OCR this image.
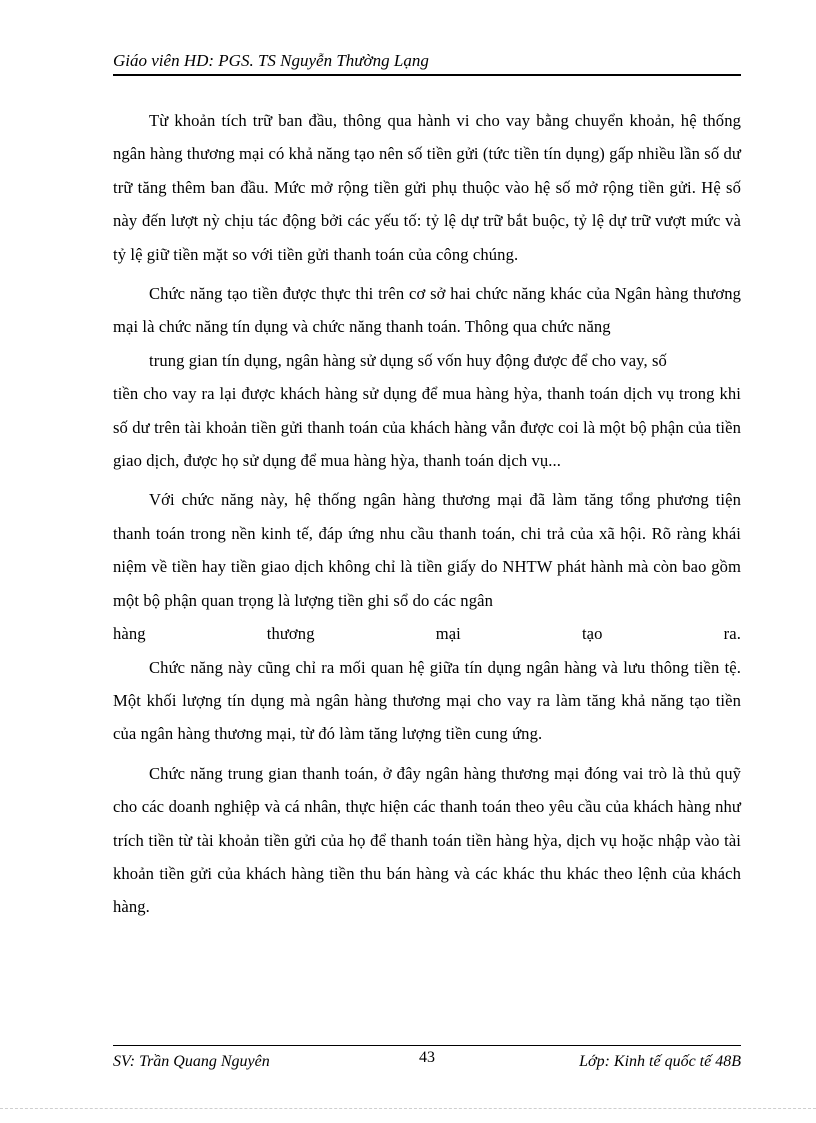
Giáo viên HD: PGS. TS Nguyễn Thường Lạng

Từ khoản tích trữ ban đầu, thông qua hành vi cho vay bằng chuyển khoản, hệ thống ngân hàng thương mại có khả năng tạo nên số tiền gửi (tức tiền tín dụng) gấp nhiều lần số dư trữ tăng thêm ban đầu. Mức mở rộng tiền gửi phụ thuộc vào hệ số mở rộng tiền gửi. Hệ số này đến lượt nỳ chịu tác động bởi các yếu tố: tỷ lệ dự trữ bắt buộc, tỷ lệ dự trữ vượt mức và tỷ lệ giữ tiền mặt so với tiền gửi thanh toán của công chúng.

Chức năng tạo tiền được thực thi trên cơ sở hai chức năng khác của Ngân hàng thương mại là chức năng tín dụng và chức năng thanh toán. Thông qua chức năng

trung gian tín dụng, ngân hàng sử dụng số vốn huy động được để cho vay, số
tiền cho vay ra lại được khách hàng sử dụng để mua hàng hỳa, thanh toán dịch vụ trong khi số dư trên tài khoản tiền gửi thanh toán của khách hàng vẫn được coi là một bộ phận của tiền giao dịch, được họ sử dụng để mua hàng hỳa, thanh toán dịch vụ...

Với chức năng này, hệ thống ngân hàng thương mại đã làm tăng tổng phương tiện thanh toán trong nền kinh tế, đáp ứng nhu cầu thanh toán, chi trả của xã hội. Rõ ràng khái niệm về tiền hay tiền giao dịch không chỉ là tiền giấy do NHTW phát hành mà còn bao gồm một bộ phận quan trọng là lượng tiền ghi sổ do các ngân

hàng	thương	mại	tạo	ra.

Chức năng này cũng chỉ ra mối quan hệ giữa tín dụng ngân hàng và lưu thông tiền tệ. Một khối lượng tín dụng mà ngân hàng thương mại cho vay ra làm tăng khả năng tạo tiền của ngân hàng thương mại, từ đó làm tăng lượng tiền cung ứng.

Chức năng trung gian thanh toán, ở đây ngân hàng thương mại đóng vai trò là thủ quỹ cho các doanh nghiệp và cá nhân, thực hiện các thanh toán theo yêu cầu của khách hàng như trích tiền từ tài khoản tiền gửi của họ để thanh toán tiền hàng hỳa, dịch vụ hoặc nhập vào tài khoản tiền gửi của khách hàng tiền thu bán hàng và các khác thu khác theo lệnh của khách hàng.

SV: Trần Quang Nguyên	43	Lớp: Kinh tế quốc tế 48B
